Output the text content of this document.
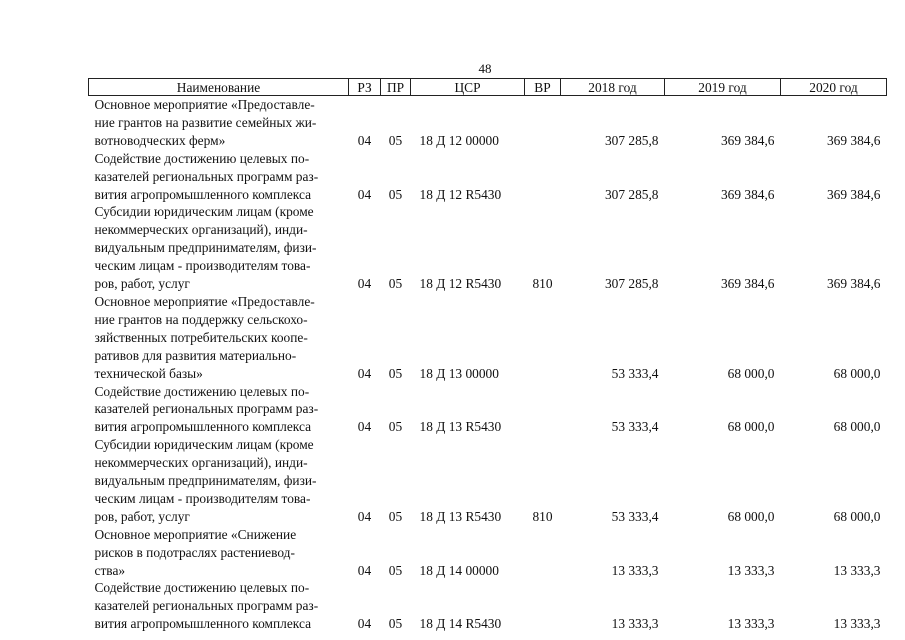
48
Наименование	РЗ	ПР	ЦСР	ВР	2018 год	2019 год	2020 год

Основное мероприятие «Предоставле-
ние грантов на развитие семейных жи-
вотноводческих ферм»	04	05	18 Д 12 00000		307 285,8	369 384,6	369 384,6

Содействие достижению целевых по-
казателей региональных программ раз-
вития агропромышленного комплекса	04	05	18 Д 12 R5430		307 285,8	369 384,6	369 384,6

Субсидии юридическим лицам (кроме
некоммерческих организаций), инди-
видуальным предпринимателям, физи-
ческим лицам - производителям това-
ров, работ, услуг	04	05	18 Д 12 R5430	810	307 285,8	369 384,6	369 384,6

Основное мероприятие «Предоставле-
ние грантов на поддержку сельскохо-
зяйственных потребительских коопе-
ративов для развития материально-
технической базы»	04	05	18 Д 13 00000		53 333,4	68 000,0	68 000,0

Содействие достижению целевых по-
казателей региональных программ раз-
вития агропромышленного комплекса	04	05	18 Д 13 R5430		53 333,4	68 000,0	68 000,0

Субсидии юридическим лицам (кроме
некоммерческих организаций), инди-
видуальным предпринимателям, физи-
ческим лицам - производителям това-
ров, работ, услуг	04	05	18 Д 13 R5430	810	53 333,4	68 000,0	68 000,0

Основное мероприятие «Снижение
рисков в подотраслях растениевод-
ства»	04	05	18 Д 14 00000		13 333,3	13 333,3	13 333,3

Содействие достижению целевых по-
казателей региональных программ раз-
вития агропромышленного комплекса	04	05	18 Д 14 R5430		13 333,3	13 333,3	13 333,3
